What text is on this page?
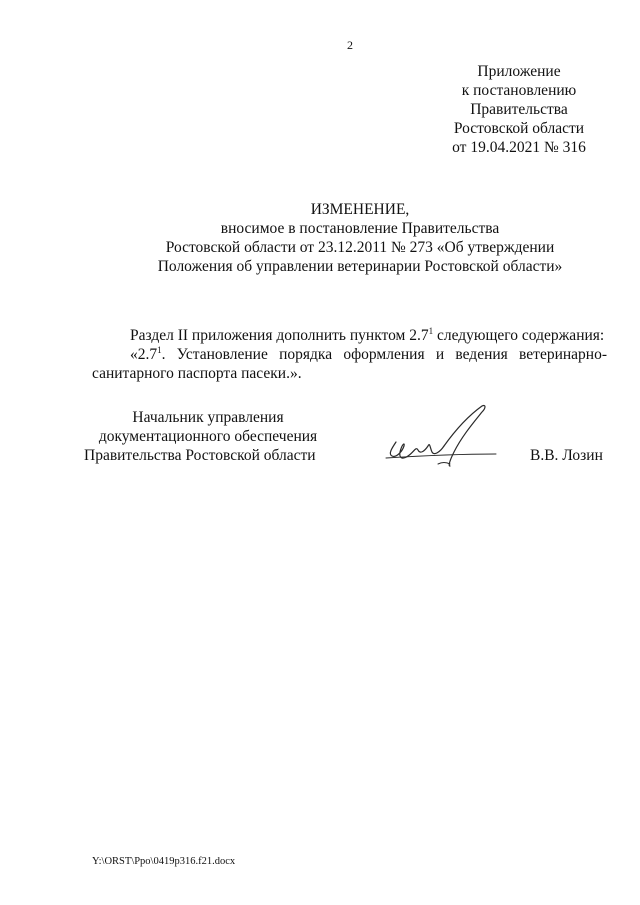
2
Приложение
к постановлению
Правительства
Ростовской области
от 19.04.2021 № 316
ИЗМЕНЕНИЕ,
вносимое в постановление Правительства
Ростовской области от 23.12.2011 № 273 «Об утверждении
Положения об управлении ветеринарии Ростовской области»
Раздел II приложения дополнить пунктом $2.7^1$ следующего содержания:
«$2.7^1$. Установление порядка оформления и ведения ветеринарно-санитарного паспорта пасеки.».
Начальник управления
документационного обеспечения
Правительства Ростовской области	В.В. Лозин
Y:\ORST\Ppo\0419p316.f21.docx
